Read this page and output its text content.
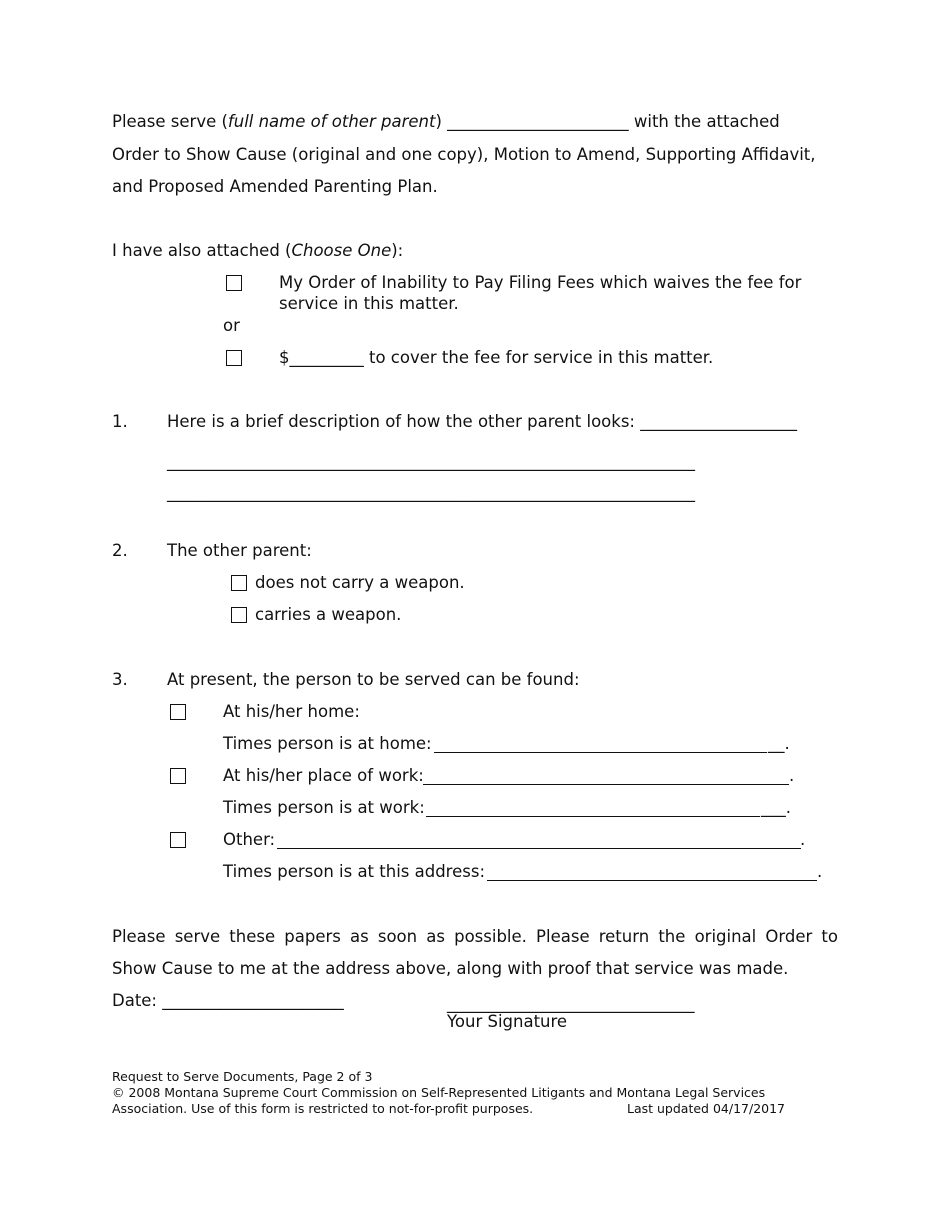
Please serve (full name of other parent) ______________________ with the attached
Order to Show Cause (original and one copy), Motion to Amend, Supporting Affidavit,
and Proposed Amended Parenting Plan.
I have also attached (Choose One):
My Order of Inability to Pay Filing Fees which waives the fee for
service in this matter.
or
$_________ to cover the fee for service in this matter.
1. Here is a brief description of how the other parent looks: ___________________
________________________________________________________________
________________________________________________________________
2. The other parent:
does not carry a weapon.
carries a weapon.
3. At present, the person to be served can be found:
At his/her home:
Times person is at home:	__.
At his/her place of work:	.
Times person is at work:	___.
Other:	.
Times person is at this address:	.
Please serve these papers as soon as possible. Please return the original Order to
Show Cause to me at the address above, along with proof that service was made.
Date: ______________________	______________________________
Your Signature
Request to Serve Documents, Page 2 of 3
© 2008 Montana Supreme Court Commission on Self-Represented Litigants and Montana Legal Services
Association. Use of this form is restricted to not-for-profit purposes.	Last updated 04/17/2017
